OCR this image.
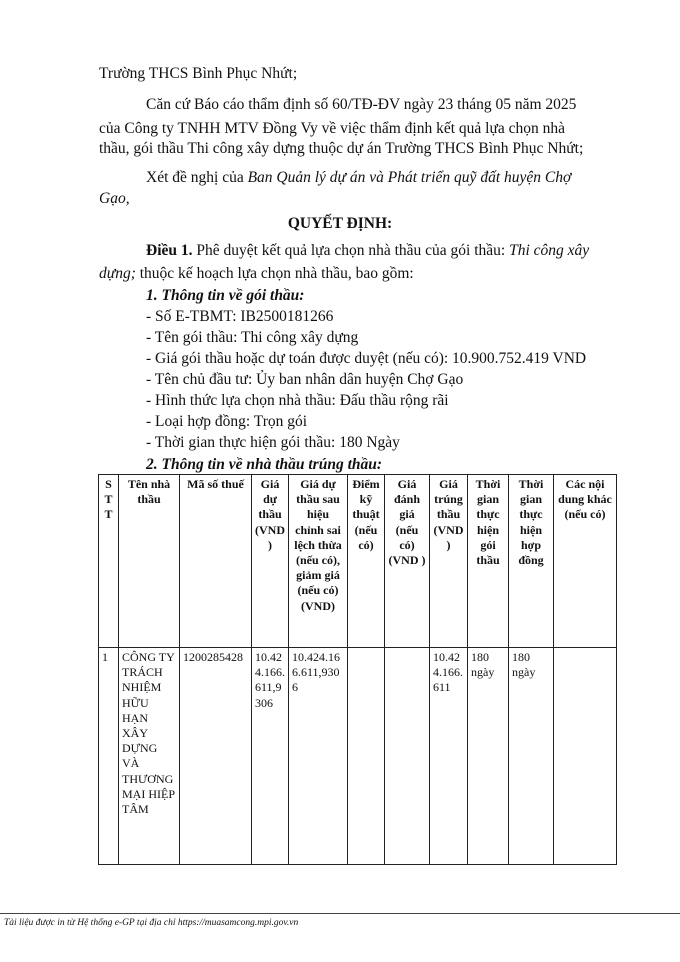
Trường THCS Bình Phục Nhứt;
Căn cứ Báo cáo thẩm định số 60/TĐ-ĐV ngày 23 tháng 05 năm 2025
của Công ty TNHH MTV Đồng Vy về việc thẩm định kết quả lựa chọn nhà
thầu, gói thầu Thi công xây dựng thuộc dự án Trường THCS Bình Phục Nhứt;
Xét đề nghị của Ban Quản lý dự án và Phát triển quỹ đất huyện Chợ
Gạo,
QUYẾT ĐỊNH:
Điều 1. Phê duyệt kết quả lựa chọn nhà thầu của gói thầu: Thi công xây
dựng; thuộc kế hoạch lựa chọn nhà thầu, bao gồm:
1. Thông tin về gói thầu:
- Số E-TBMT: IB2500181266
- Tên gói thầu: Thi công xây dựng
- Giá gói thầu hoặc dự toán được duyệt (nếu có): 10.900.752.419 VND
- Tên chủ đầu tư: Ủy ban nhân dân huyện Chợ Gạo
- Hình thức lựa chọn nhà thầu: Đấu thầu rộng rãi
- Loại hợp đồng: Trọn gói
- Thời gian thực hiện gói thầu: 180 Ngày
2. Thông tin về nhà thầu trúng thầu:
S T T	Tên nhà thầu	Mã số thuế	Giá dự thầu (VND )	Giá dự thầu sau hiệu chỉnh sai lệch thừa (nếu có), giảm giá (nếu có) (VND)	Điểm kỹ thuật (nếu có)	Giá đánh giá (nếu có) (VND )	Giá trúng thầu (VND )	Thời gian thực hiện gói thầu	Thời gian thực hiện hợp đồng	Các nội dung khác (nếu có)
1	CÔNG TY TRÁCH NHIỆM HỮU HẠN XÂY DỰNG VÀ THƯƠNG MẠI HIỆP TÂM	1200285428	10.424.166.611,9306	10.424.166.611,9306			10.424.166.611	180 ngày	180 ngày	
Tài liệu được in từ Hệ thống e-GP tại địa chỉ https://muasamcong.mpi.gov.vn
